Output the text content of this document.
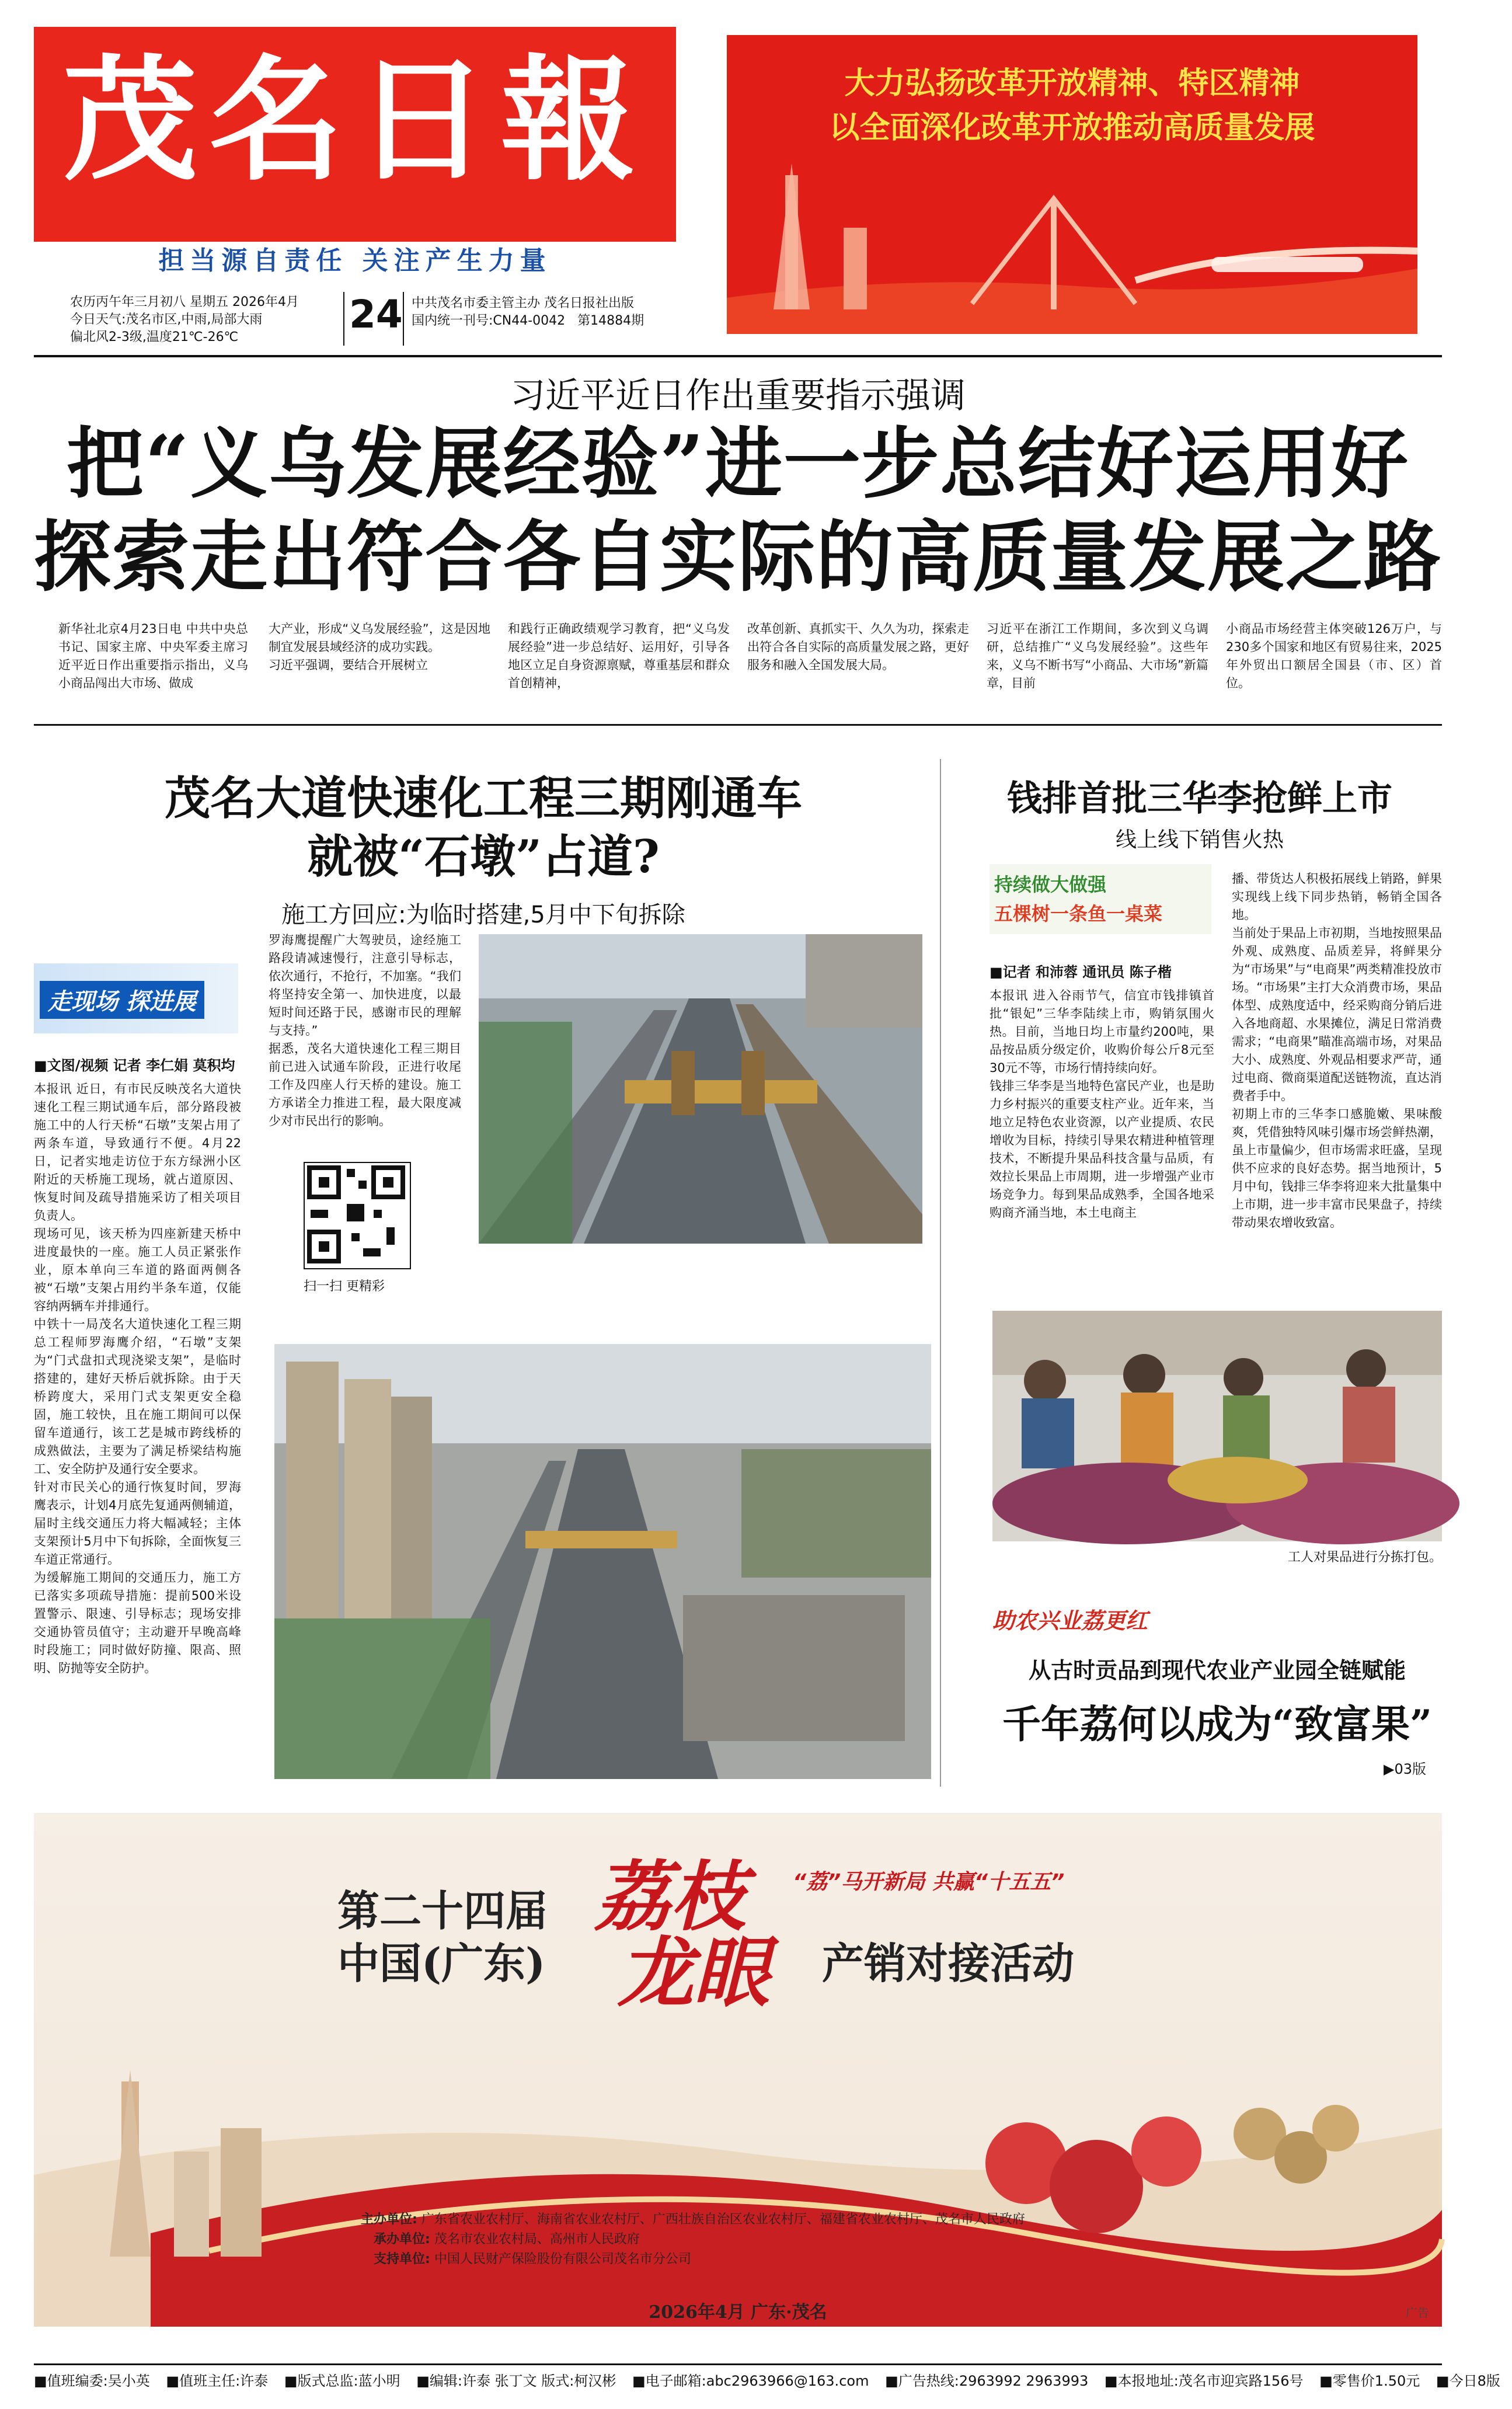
茂名日報
担当源自责任 关注产生力量
大力弘扬改革开放精神、特区精神
以全面深化改革开放推动高质量发展
农历丙午年三月初八 星期五 2026年4月
今日天气:茂名市区,中雨,局部大雨
偏北风2-3级,温度21℃-26℃
24 中共茂名市委主管主办 茂名日报社出版
国内统一刊号:CN44-0042 第14884期
习近平近日作出重要指示强调
把“义乌发展经验”进一步总结好运用好
探索走出符合各自实际的高质量发展之路
新华社北京4月23日电 中共中央总书记、国家主席、中央军委主席习近平近日作出重要指示指出，义乌小商品闯出大市场、做成
大产业，形成“义乌发展经验”，这是因地制宜发展县域经济的成功实践。
习近平强调，要结合开展树立
和践行正确政绩观学习教育，把“义乌发展经验”进一步总结好、运用好，引导各地区立足自身资源禀赋，尊重基层和群众首创精神，
改革创新、真抓实干、久久为功，探索走出符合各自实际的高质量发展之路，更好服务和融入全国发展大局。
习近平在浙江工作期间，多次到义乌调研，总结推广“义乌发展经验”。这些年来，义乌不断书写“小商品、大市场”新篇章，目前
小商品市场经营主体突破126万户，与230多个国家和地区有贸易往来，2025年外贸出口额居全国县（市、区）首位。
茂名大道快速化工程三期刚通车
就被“石墩”占道?
施工方回应:为临时搭建,5月中下旬拆除
走现场 探进展
■文图/视频 记者 李仁娟 莫积均
本报讯 近日，有市民反映茂名大道快速化工程三期试通车后，部分路段被施工中的人行天桥“石墩”支架占用了两条车道，导致通行不便。4月22日，记者实地走访位于东方绿洲小区附近的天桥施工现场，就占道原因、恢复时间及疏导措施采访了相关项目负责人。
现场可见，该天桥为四座新建天桥中进度最快的一座。施工人员正紧张作业，原本单向三车道的路面两侧各被“石墩”支架占用约半条车道，仅能容纳两辆车并排通行。
中铁十一局茂名大道快速化工程三期总工程师罗海鹰介绍，“石墩”支架为“门式盘扣式现浇梁支架”，是临时搭建的，建好天桥后就拆除。由于天桥跨度大，采用门式支架更安全稳固，施工较快，且在施工期间可以保留车道通行，该工艺是城市跨线桥的成熟做法，主要为了满足桥梁结构施工、安全防护及通行安全要求。
针对市民关心的通行恢复时间，罗海鹰表示，计划4月底先复通两侧辅道，届时主线交通压力将大幅减轻；主体支架预计5月中下旬拆除，全面恢复三车道正常通行。
为缓解施工期间的交通压力，施工方已落实多项疏导措施：提前500米设置警示、限速、引导标志；现场安排交通协管员值守；主动避开早晚高峰时段施工；同时做好防撞、限高、照明、防抛等安全防护。
罗海鹰提醒广大驾驶员，途经施工路段请减速慢行，注意引导标志，依次通行，不抢行，不加塞。“我们将坚持安全第一、加快进度，以最短时间还路于民，感谢市民的理解与支持。”
据悉，茂名大道快速化工程三期目前已进入试通车阶段，正进行收尾工作及四座人行天桥的建设。施工方承诺全力推进工程，最大限度减少对市民出行的影响。
扫一扫 更精彩
钱排首批三华李抢鲜上市
线上线下销售火热
持续做大做强
五棵树一条鱼一桌菜
■记者 和沛蓉 通讯员 陈子楷
本报讯 进入谷雨节气，信宜市钱排镇首批“银妃”三华李陆续上市，购销氛围火热。目前，当地日均上市量约200吨，果品按品质分级定价，收购价每公斤8元至30元不等，市场行情持续向好。
钱排三华李是当地特色富民产业，也是助力乡村振兴的重要支柱产业。近年来，当地立足特色农业资源，以产业提质、农民增收为目标，持续引导果农精进种植管理技术，不断提升果品科技含量与品质，有效拉长果品上市周期，进一步增强产业市场竞争力。每到果品成熟季，全国各地采购商齐涌当地，本土电商主
播、带货达人积极拓展线上销路，鲜果实现线上线下同步热销，畅销全国各地。
当前处于果品上市初期，当地按照果品外观、成熟度、品质差异，将鲜果分为“市场果”与“电商果”两类精准投放市场。“市场果”主打大众消费市场，果品体型、成熟度适中，经采购商分销后进入各地商超、水果摊位，满足日常消费需求；“电商果”瞄准高端市场，对果品大小、成熟度、外观品相要求严苛，通过电商、微商渠道配送链物流，直达消费者手中。
初期上市的三华李口感脆嫩、果味酸爽，凭借独特风味引爆市场尝鲜热潮，虽上市量偏少，但市场需求旺盛，呈现供不应求的良好态势。据当地预计，5月中旬，钱排三华李将迎来大批量集中上市期，进一步丰富市民果盘子，持续带动果农增收致富。
工人对果品进行分拣打包。
助农兴业荔更红
从古时贡品到现代农业产业园全链赋能
千年荔何以成为“致富果”
▶03版
第二十四届
中国(广东)
荔枝
龙眼 产销对接活动
“荔”马开新局 共赢“十五五”
主办单位: 广东省农业农村厅、海南省农业农村厅、广西壮族自治区农业农村厅、福建省农业农村厅、茂名市人民政府
承办单位: 茂名市农业农村局、高州市人民政府
支持单位: 中国人民财产保险股份有限公司茂名市分公司
2026年4月 广东·茂名	广告
■值班编委:吴小英 ■值班主任:许泰 ■版式总监:蓝小明 ■编辑:许泰 张丁文 版式:柯汉彬 ■电子邮箱:abc2963966@163.com ■广告热线:2963992 2963993 ■本报地址:茂名市迎宾路156号 ■零售价1.50元 ■今日8版
